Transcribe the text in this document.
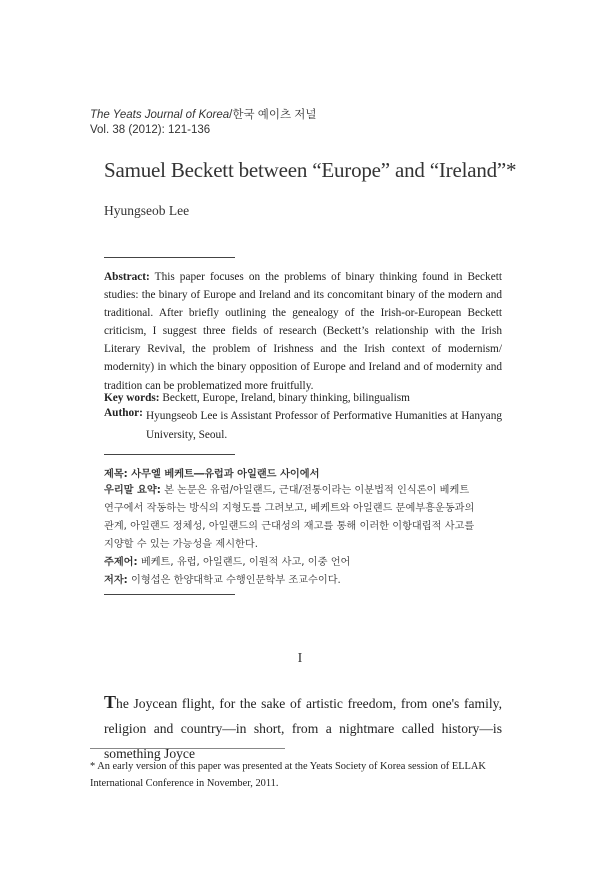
The Yeats Journal of Korea/한국 예이츠 저널
Vol. 38 (2012): 121-136
Samuel Beckett between “Europe” and “Ireland”*
Hyungseob Lee
Abstract: This paper focuses on the problems of binary thinking found in Beckett studies: the binary of Europe and Ireland and its concomitant binary of the modern and traditional. After briefly outlining the genealogy of the Irish-or-European Beckett criticism, I suggest three fields of research (Beckett’s relationship with the Irish Literary Revival, the problem of Irishness and the Irish context of modernism/ modernity) in which the binary opposition of Europe and Ireland and of modernity and tradition can be problematized more fruitfully.
Key words: Beckett, Europe, Ireland, binary thinking, bilingualism
Author: Hyungseob Lee is Assistant Professor of Performative Humanities at Hanyang University, Seoul.
제목: 사무엘 베케트―유럽과 아일랜드 사이에서
우리말 요약: 본 논문은 유럽/아일랜드, 근대/전통이라는 이분법적 인식론이 베케트
연구에서 작동하는 방식의 지형도를 그려보고, 베케트와 아일랜드 문예부흥운동과의
관계, 아일랜드 정체성, 아일랜드의 근대성의 재고를 통해 이러한 이항대립적 사고를
지양할 수 있는 가능성을 제시한다.
주제어: 베케트, 유럽, 아일랜드, 이원적 사고, 이중 언어
저자: 이형섭은 한양대학교 수행인문학부 조교수이다.
I
The Joycean flight, for the sake of artistic freedom, from one's family, religion and country―in short, from a nightmare called history―is something Joyce
* An early version of this paper was presented at the Yeats Society of Korea session of ELLAK International Conference in November, 2011.
